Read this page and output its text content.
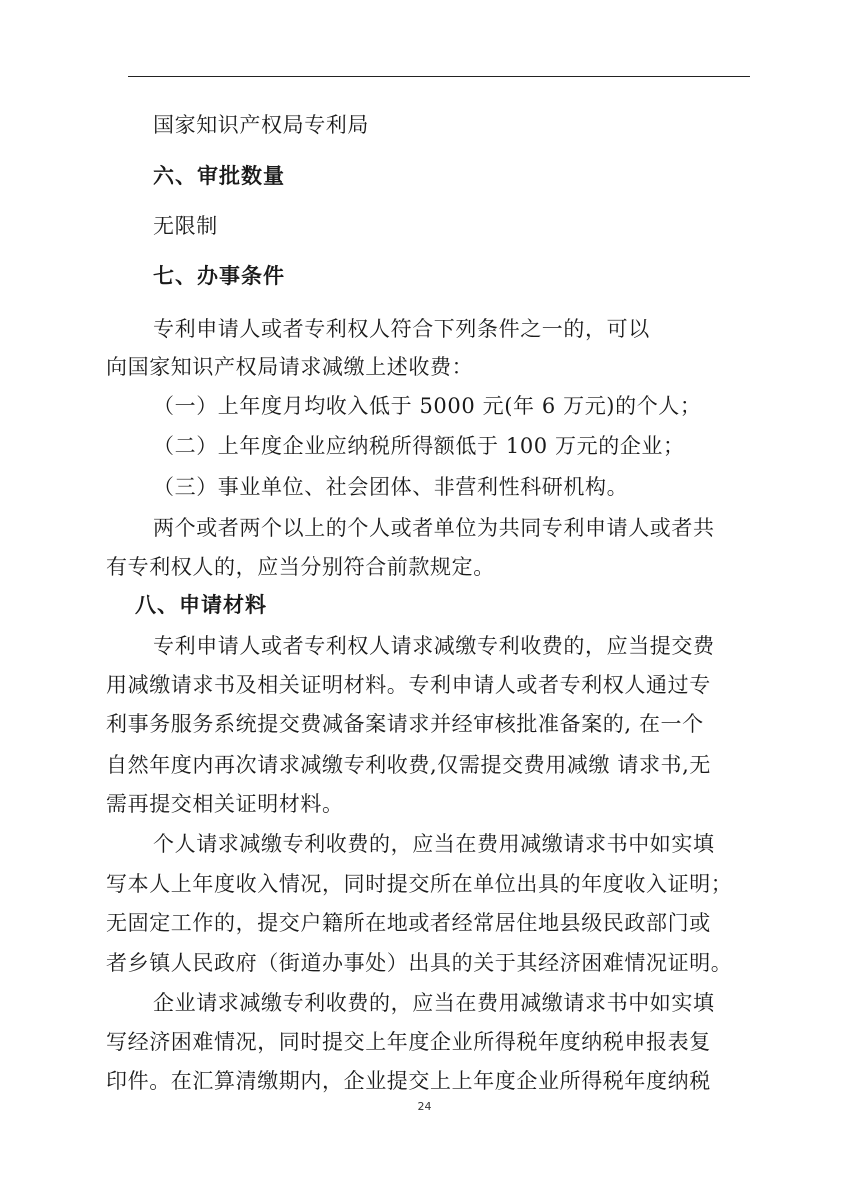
国家知识产权局专利局

六、审批数量

无限制

七、办事条件

专利申请人或者专利权人符合下列条件之一的，可以

向国家知识产权局请求减缴上述收费：

（一）上年度月均收入低于 5000 元(年 6 万元)的个人；

（二）上年度企业应纳税所得额低于 100 万元的企业；

（三）事业单位、社会团体、非营利性科研机构。

两个或者两个以上的个人或者单位为共同专利申请人或者共

有专利权人的，应当分别符合前款规定。

八、申请材料

专利申请人或者专利权人请求减缴专利收费的，应当提交费

用减缴请求书及相关证明材料。专利申请人或者专利权人通过专

利事务服务系统提交费减备案请求并经审核批准备案的, 在一个

自然年度内再次请求减缴专利收费,仅需提交费用减缴 请求书,无

需再提交相关证明材料。

个人请求减缴专利收费的，应当在费用减缴请求书中如实填

写本人上年度收入情况，同时提交所在单位出具的年度收入证明；

无固定工作的，提交户籍所在地或者经常居住地县级民政部门或

者乡镇人民政府（街道办事处）出具的关于其经济困难情况证明。

企业请求减缴专利收费的，应当在费用减缴请求书中如实填

写经济困难情况，同时提交上年度企业所得税年度纳税申报表复

印件。在汇算清缴期内，企业提交上上年度企业所得税年度纳税

24
